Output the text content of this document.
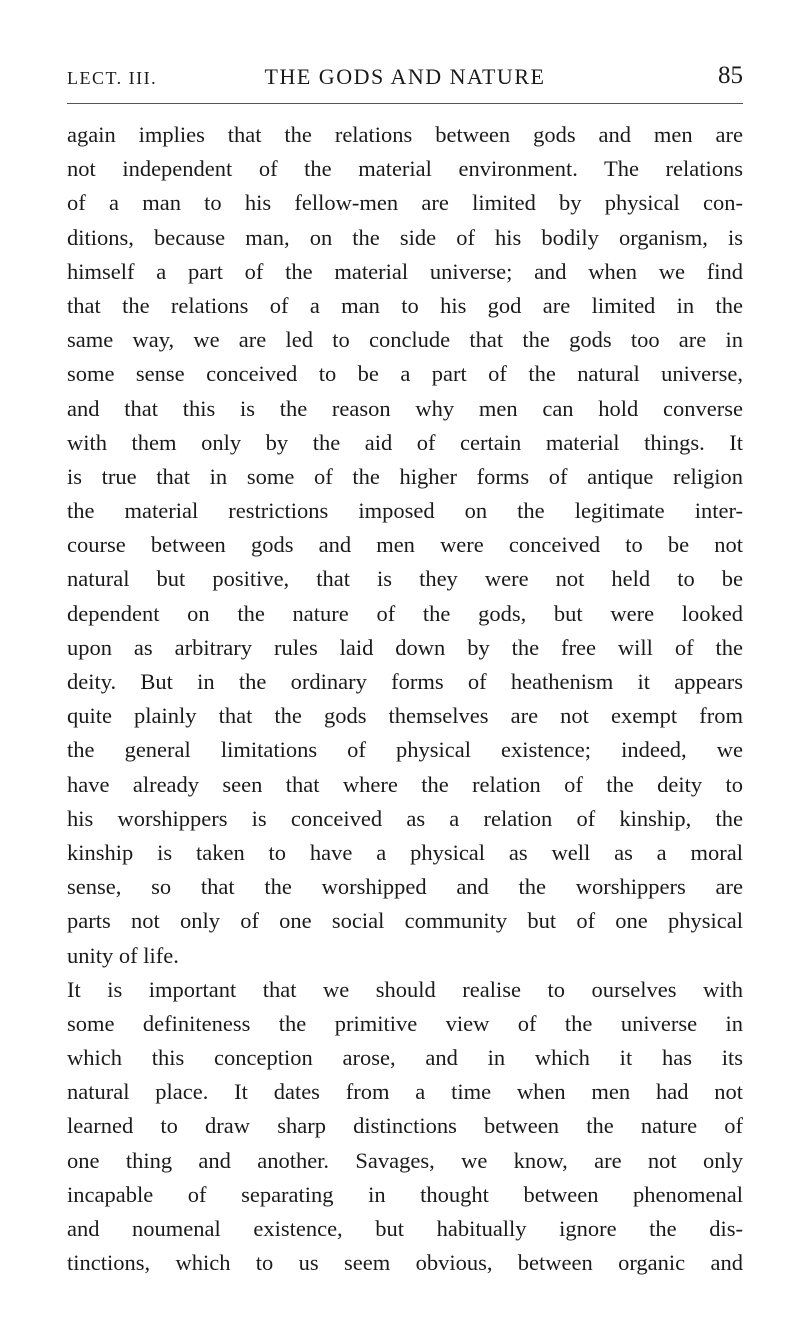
LECT. III.	THE GODS AND NATURE	85
again implies that the relations between gods and men are
not independent of the material environment. The relations
of a man to his fellow-men are limited by physical con-
ditions, because man, on the side of his bodily organism, is
himself a part of the material universe; and when we find
that the relations of a man to his god are limited in the
same way, we are led to conclude that the gods too are in
some sense conceived to be a part of the natural universe,
and that this is the reason why men can hold converse
with them only by the aid of certain material things. It
is true that in some of the higher forms of antique religion
the material restrictions imposed on the legitimate inter-
course between gods and men were conceived to be not
natural but positive, that is they were not held to be
dependent on the nature of the gods, but were looked
upon as arbitrary rules laid down by the free will of the
deity. But in the ordinary forms of heathenism it appears
quite plainly that the gods themselves are not exempt from
the general limitations of physical existence; indeed, we
have already seen that where the relation of the deity to
his worshippers is conceived as a relation of kinship, the
kinship is taken to have a physical as well as a moral
sense, so that the worshipped and the worshippers are
parts not only of one social community but of one physical
unity of life.
It is important that we should realise to ourselves with
some definiteness the primitive view of the universe in
which this conception arose, and in which it has its
natural place. It dates from a time when men had not
learned to draw sharp distinctions between the nature of
one thing and another. Savages, we know, are not only
incapable of separating in thought between phenomenal
and noumenal existence, but habitually ignore the dis-
tinctions, which to us seem obvious, between organic and
